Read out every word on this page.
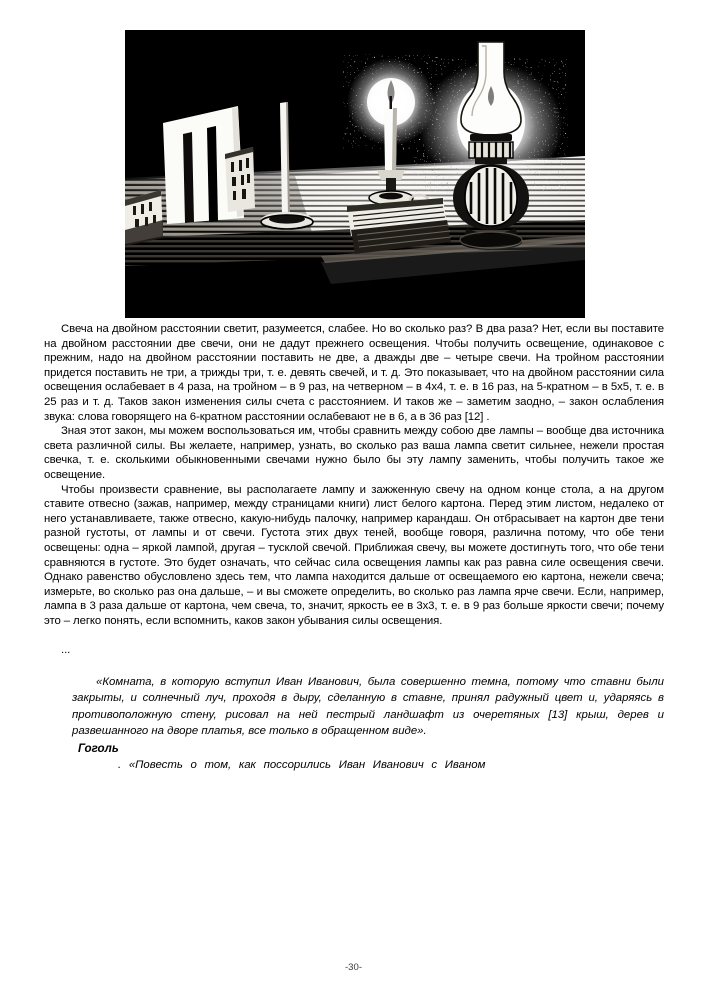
Свеча на двойном расстоянии светит, разумеется, слабее. Но во сколько раз? В два раза? Нет, если вы поставите на двойном расстоянии две свечи, они не дадут прежнего освещения. Чтобы получить освещение, одинаковое с прежним, надо на двойном расстоянии поставить не две, а дважды две – четыре свечи. На тройном расстоянии придется поставить не три, а трижды три, т. е. девять свечей, и т. д. Это показывает, что на двойном расстоянии сила освещения ослабевает в 4 раза, на тройном – в 9 раз, на четверном – в 4х4, т. е. в 16 раз, на 5-кратном – в 5х5, т. е. в 25 раз и т. д. Таков закон изменения силы счета с расстоянием. И таков же – заметим заодно, – закон ослабления звука: слова говорящего на 6-кратном расстоянии ослабевают не в 6, а в 36 раз [12] .

Зная этот закон, мы можем воспользоваться им, чтобы сравнить между собою две лампы – вообще два источника света различной силы. Вы желаете, например, узнать, во сколько раз ваша лампа светит сильнее, нежели простая свечка, т. е. сколькими обыкновенными свечами нужно было бы эту лампу заменить, чтобы получить такое же освещение.

Чтобы произвести сравнение, вы располагаете лампу и зажженную свечу на одном конце стола, а на другом ставите отвесно (зажав, например, между страницами книги) лист белого картона. Перед этим листом, недалеко от него устанавливаете, также отвесно, какую-нибудь палочку, например карандаш. Он отбрасывает на картон две тени разной густоты, от лампы и от свечи. Густота этих двух теней, вообще говоря, различна потому, что обе тени освещены: одна – яркой лампой, другая – тусклой свечой. Приближая свечу, вы можете достигнуть того, что обе тени сравняются в густоте. Это будет означать, что сейчас сила освещения лампы как раз равна силе освещения свечи. Однако равенство обусловлено здесь тем, что лампа находится дальше от освещаемого ею картона, нежели свеча; измерьте, во сколько раз она дальше, – и вы сможете определить, во сколько раз лампа ярче свечи. Если, например, лампа в 3 раза дальше от картона, чем свеча, то, значит, яркость ее в 3х3, т. е. в 9 раз больше яркости свечи; почему это – легко понять, если вспомнить, каков закон убывания силы освещения.

...

«Комната, в которую вступил Иван Иванович, была совершенно темна, потому что ставни были закрыты, и солнечный луч, проходя в дыру, сделанную в ставне, принял радужный цвет и, ударяясь в противоположную стену, рисовал на ней пестрый ландшафт из очеретяных [13] крыш, дерев и развешанного на дворе платья, все только в обращенном виде».

Гоголь

. «Повесть о том, как поссорились Иван Иванович с Иваном

-30-
